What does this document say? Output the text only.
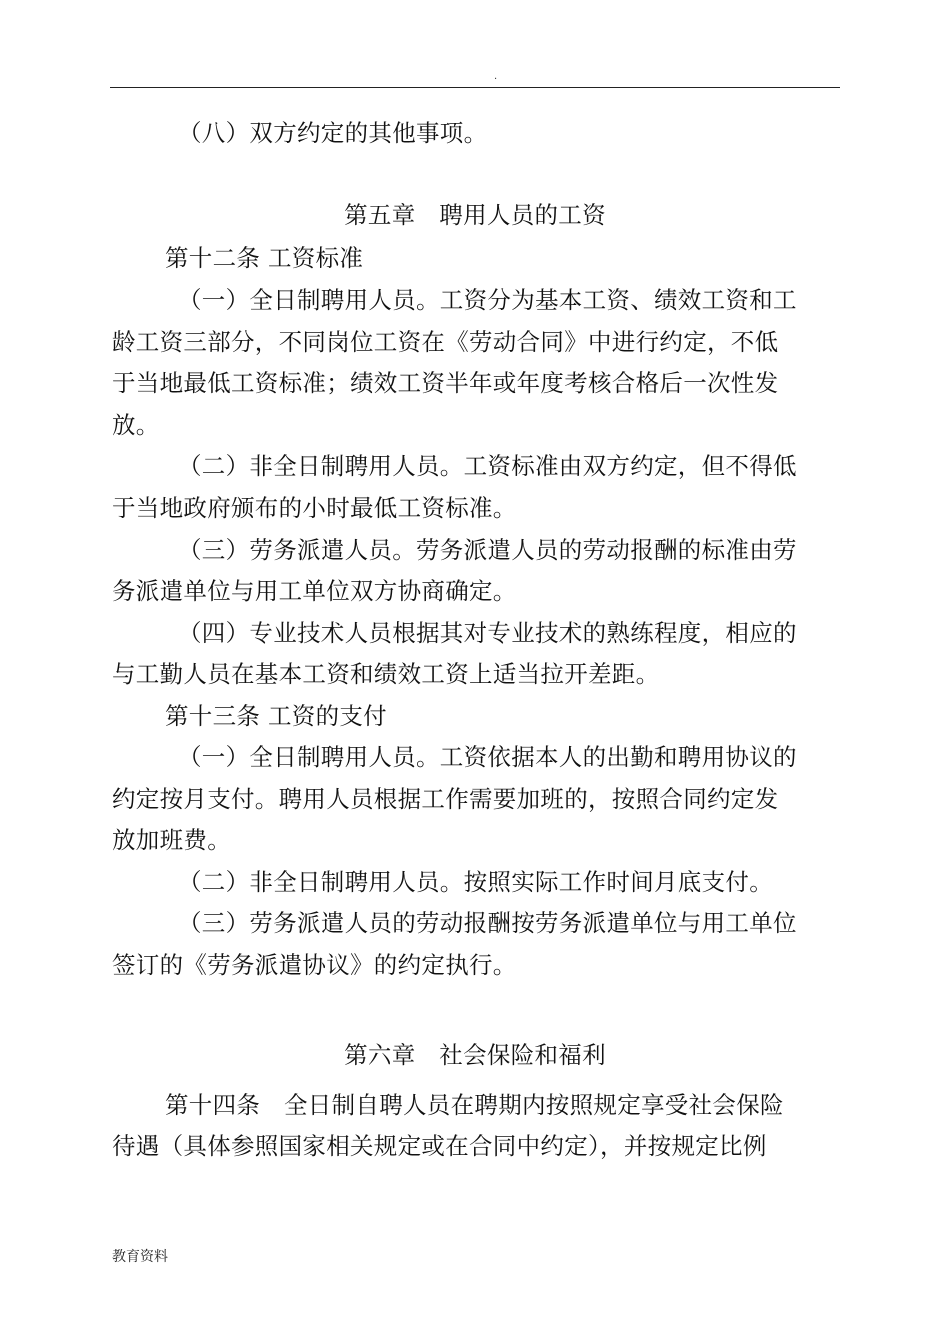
.
（八）双方约定的其他事项。
第五章　聘用人员的工资
第十二条 工资标准
（一）全日制聘用人员。工资分为基本工资、绩效工资和工
龄工资三部分，不同岗位工资在《劳动合同》中进行约定，不低
于当地最低工资标准；绩效工资半年或年度考核合格后一次性发
放。
（二）非全日制聘用人员。工资标准由双方约定，但不得低
于当地政府颁布的小时最低工资标准。
（三）劳务派遣人员。劳务派遣人员的劳动报酬的标准由劳
务派遣单位与用工单位双方协商确定。
（四）专业技术人员根据其对专业技术的熟练程度，相应的
与工勤人员在基本工资和绩效工资上适当拉开差距。
第十三条 工资的支付
（一）全日制聘用人员。工资依据本人的出勤和聘用协议的
约定按月支付。聘用人员根据工作需要加班的，按照合同约定发
放加班费。
（二）非全日制聘用人员。按照实际工作时间月底支付。
（三）劳务派遣人员的劳动报酬按劳务派遣单位与用工单位
签订的《劳务派遣协议》的约定执行。
第六章　社会保险和福利
第十四条　全日制自聘人员在聘期内按照规定享受社会保险
待遇（具体参照国家相关规定或在合同中约定），并按规定比例
教育资料
